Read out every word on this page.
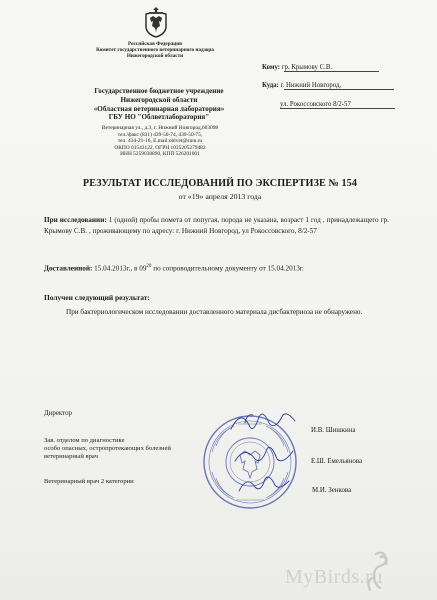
Российская Федерация

Комитет государственного ветеринарного надзора

Нижегородской области

Государственное бюджетное учреждение

Нижегородской области

«Областная ветеринарная лаборатория»

ГБУ НО "Облветлаборатория"

Ветеринарная ул., д.3, г. Нижний Новгород,603098

тел./факс (831) 439-50-74, 439-50-75,

тел. 434-21-16, E.mail:oblvet@sinn.ru

ОКПО 01543122, ОГРН 1035205279482

ИНН 5259038890, КПП 526201001

Кому: гр. Крымову С.В.

Куда: г. Нижний Новгород,

ул. Рокоссовского 8/2-57

РЕЗУЛЬТАТ ИССЛЕДОВАНИЙ ПО ЭКСПЕРТИЗЕ № 154
от «19» апреля 2013 года
При исследовании: 1 (одной) пробы помета от попугая, порода не указана, возраст 1 год , принадлежащего гр. Крымову С.В. , проживающему по адресу: г. Нижний Новгород, ул Рокоссовского, 8/2-57
Доставленной: 15.04.2013г., в $09^{20}$ по сопроводительному документу от 15.04.2013г.
Получен следующий результат:
При бактериологическом исследовании доставленного материала дисбактериоза не обнаружено.
Директор
И.В. Шишкина

Зав. отделом по диагностике

особо опасных, остропротекающих болезней

ветеринарный врач

Е.Ш. Емельянова
Ветеринарный врач 2 категории
М.И. Зенкова
MyBirds.ru
